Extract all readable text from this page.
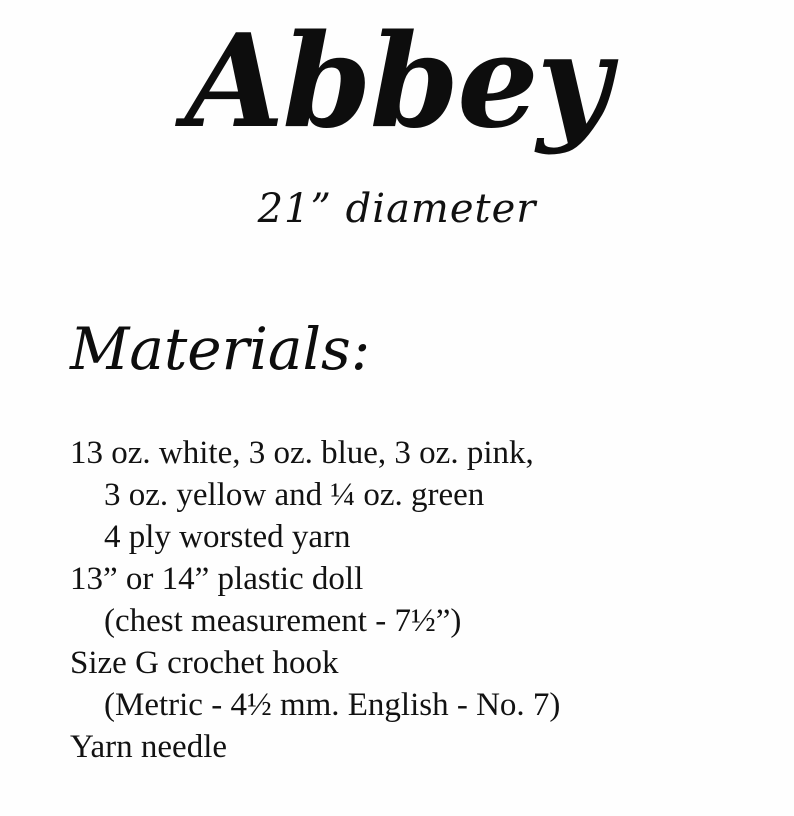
Abbey
21” diameter
Materials:
13 oz. white, 3 oz. blue, 3 oz. pink,
3 oz. yellow and ¼ oz. green
4 ply worsted yarn
13” or 14” plastic doll
(chest measurement - 7½”)
Size G crochet hook
(Metric - 4½ mm. English - No. 7)
Yarn needle
